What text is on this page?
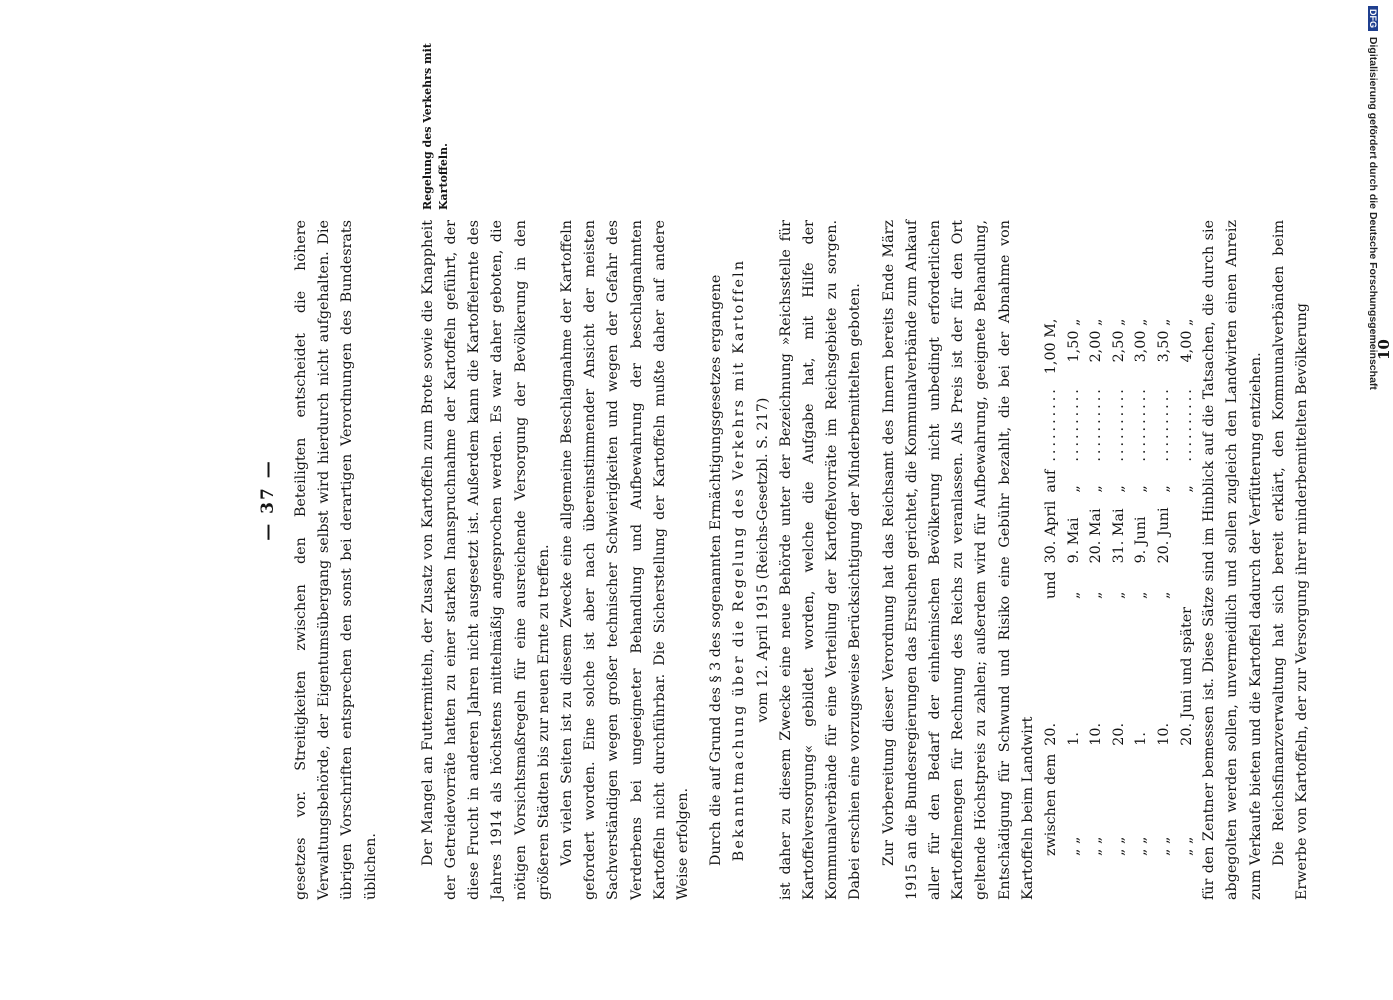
— 37 — gesetzes vor. Streitigkeiten zwischen den Beteiligten entscheidet die höhere Verwaltungsbehörde, der Eigentumsübergang selbst wird hierdurch nicht aufgehalten. Die übrigen Vorschriften entsprechen den sonst bei derartigen Verordnungen des Bundesrats üblichen.

Der Mangel an Futtermitteln, der Zusatz von Kartoffeln zum Brote sowie die Knappheit der Getreidevorräte hatten zu einer starken Inanspruchnahme der Kartoffeln geführt, der diese Frucht in anderen Jahren nicht ausgesetzt ist. Außerdem kann die Kartoffelernte des Jahres 1914 als höchstens mittelmäßig angesprochen werden. Es war daher geboten, die nötigen Vorsichtsmaßregeln für eine ausreichende Versorgung der Bevölkerung in den größeren Städten bis zur neuen Ernte zu treffen. Von vielen Seiten ist zu diesem Zwecke eine allgemeine Beschlagnahme der Kartoffeln gefordert worden. Eine solche ist aber nach übereinstimmender Ansicht der meisten Sachverständigen wegen großer technischer Schwierigkeiten und wegen der Gefahr des Verderbens bei ungeeigneter Behandlung und Aufbewahrung der beschlagnahmten Kartoffeln nicht durchführbar. Die Sicherstellung der Kartoffeln mußte daher auf andere Weise erfolgen. Durch die auf Grund des § 3 des sogenannten Ermächtigungsgesetzes ergangene Bekanntmachung über die Regelung des Verkehrs mit Kartoffeln vom 12. April 1915 (Reichs-Gesetzbl. S. 217) ist daher zu diesem Zwecke eine neue Behörde unter der Bezeichnung »Reichsstelle für Kartoffelversorgung« gebildet worden, welche die Aufgabe hat, mit Hilfe der Kommunalverbände für eine Verteilung der Kartoffelvorräte im Reichsgebiete zu sorgen. Dabei erschien eine vorzugsweise Berücksichtigung der Minderbemittelten geboten. Zur Vorbereitung dieser Verordnung hat das Reichsamt des Innern bereits Ende März 1915 an die Bundesregierungen das Ersuchen gerichtet, die Kommunalverbände zum Ankauf aller für den Bedarf der einheimischen Bevölkerung nicht unbedingt erforderlichen Kartoffelmengen für Rechnung des Reichs zu veranlassen. Als Preis ist der für den Ort geltende Höchstpreis zu zahlen; außerdem wird für Aufbewahrung, geeignete Behandlung, Entschädigung für Schwund und Risiko eine Gebühr bezahlt, die bei der Abnahme von Kartoffeln beim Landwirt zwischen dem	20.	und	30. April	auf	..........	1,00 M,
„ „	1.	„	9. Mai	„	..........	1,50 „
„ „	10.	„	20. Mai	„	..........	2,00 „
„ „	20.	„	31. Mai	„	..........	2,50 „
„ „	1.	„	9. Juni	„	..........	3,00 „
„ „	10.	„	20. Juni	„	..........	3,50 „
„ „	20. Juni und später			„	..........	4,00 „ für den Zentner bemessen ist. Diese Sätze sind im Hinblick auf die Tatsachen, die durch sie abgegolten werden sollen, unvermeidlich und sollen zugleich den Landwirten einen Anreiz zum Verkaufe bieten und die Kartoffel dadurch der Verfütterung entziehen. Die Reichsfinanzverwaltung hat sich bereit erklärt, den Kommunalverbänden beim Erwerbe von Kartoffeln, der zur Versorgung ihrer minderbemittelten Bevölkerung

Regelung des Verkehrs mit Kartoffeln.
10
DFG Digitalisierung gefördert durch die Deutsche Forschungsgemeinschaft
